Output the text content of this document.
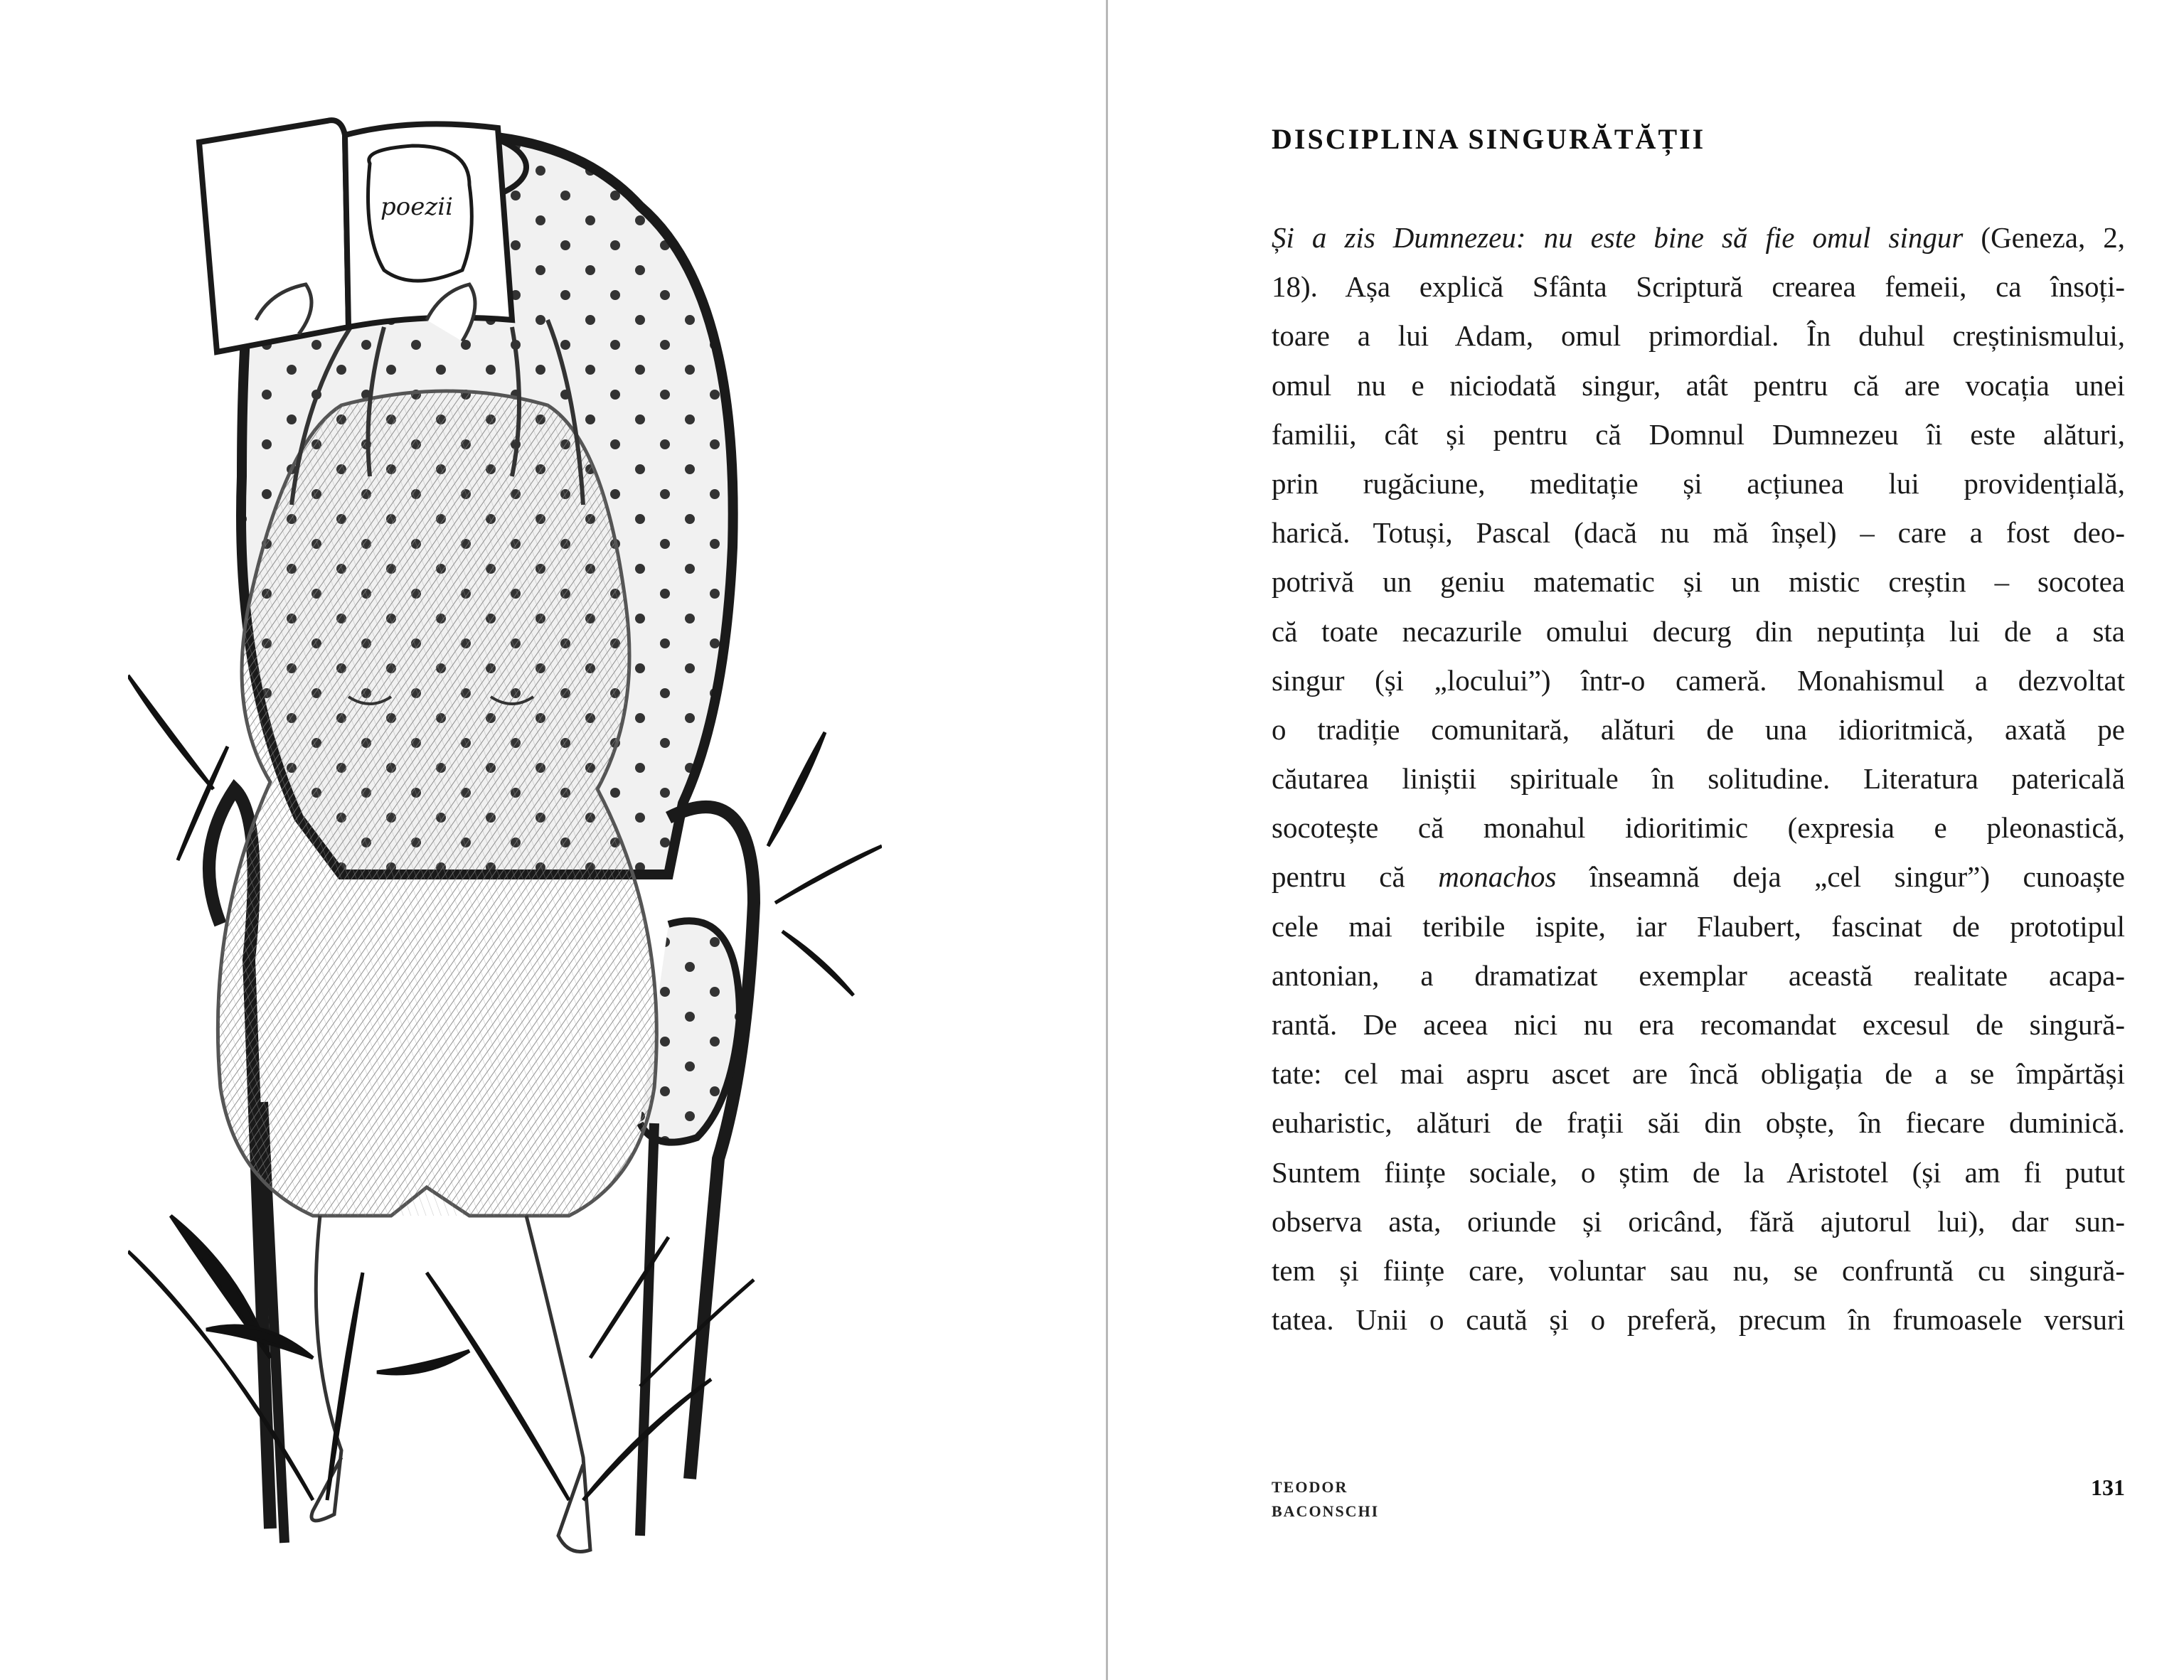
poezii
DISCIPLINA SINGURĂTĂȚII
Și a zis Dumnezeu: nu este bine să fie omul singur (Geneza, 2,
18). Așa explică Sfânta Scriptură crearea femeii, ca însoți-
toare a lui Adam, omul primordial. În duhul creștinismului,
omul nu e niciodată singur, atât pentru că are vocația unei
familii, cât și pentru că Domnul Dumnezeu îi este alături,
prin rugăciune, meditație și acțiunea lui providențială,
harică. Totuși, Pascal (dacă nu mă înșel) – care a fost deo-
potrivă un geniu matematic și un mistic creștin – socotea
că toate necazurile omului decurg din neputința lui de a sta
singur (și „locului”) într-o cameră. Monahismul a dezvoltat
o tradiție comunitară, alături de una idioritmică, axată pe
căutarea liniștii spirituale în solitudine. Literatura patericală
socotește că monahul idioritimic (expresia e pleonastică,
pentru că monachos înseamnă deja „cel singur”) cunoaște
cele mai teribile ispite, iar Flaubert, fascinat de prototipul
antonian, a dramatizat exemplar această realitate acapa-
rantă. De aceea nici nu era recomandat excesul de singură-
tate: cel mai aspru ascet are încă obligația de a se împărtăși
euharistic, alături de frații săi din obște, în fiecare duminică.
Suntem ființe sociale, o știm de la Aristotel (și am fi putut
observa asta, oriunde și oricând, fără ajutorul lui), dar sun-
tem și ființe care, voluntar sau nu, se confruntă cu singură-
tatea. Unii o caută și o preferă, precum în frumoasele versuri
TEODOR
BACONSCHI
131
